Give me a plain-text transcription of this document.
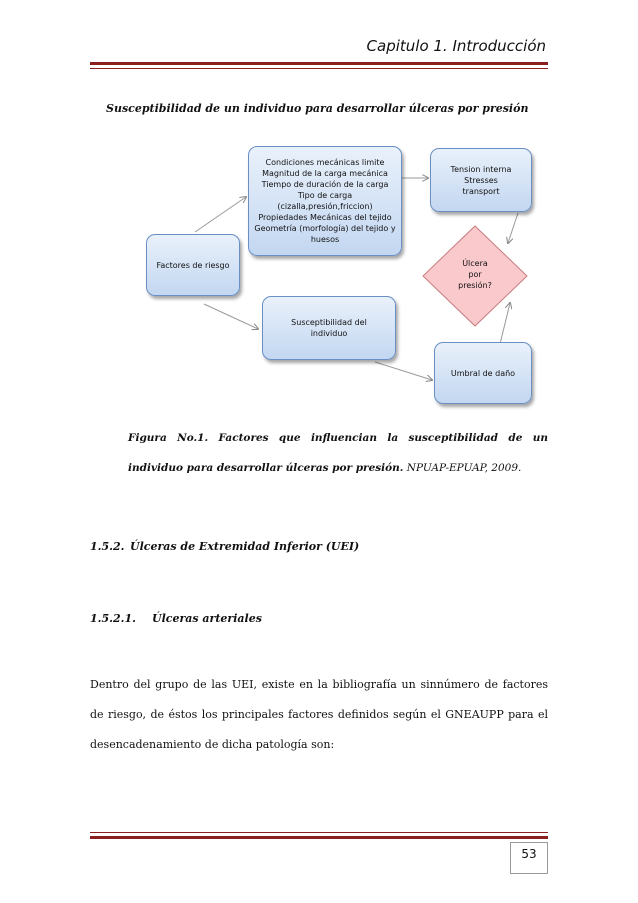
Capitulo 1. Introducción
Susceptibilidad de un individuo para desarrollar úlceras por presión
Condiciones mecánicas limite
Magnitud de la carga mecánica
Tiempo de duración de la carga
Tipo de carga
(cizalla,presión,friccion)
Propiedades Mecánicas del tejido
Geometría (morfología) del tejido y
huesos
Tension interna
Stresses
transport
Factores de riesgo	Úlcera
por
presión?
Susceptibilidad del
individuo
Umbral de daño
Figura No.1. Factores que influencian la susceptibilidad de un
individuo para desarrollar úlceras por presión. NPUAP-EPUAP, 2009.
1.5.2. Úlceras de Extremidad Inferior (UEI)
1.5.2.1. Úlceras arteriales
Dentro del grupo de las UEI, existe en la bibliografía un sinnúmero de factores
de riesgo, de éstos los principales factores definidos según el GNEAUPP para el
desencadenamiento de dicha patología son:
53
